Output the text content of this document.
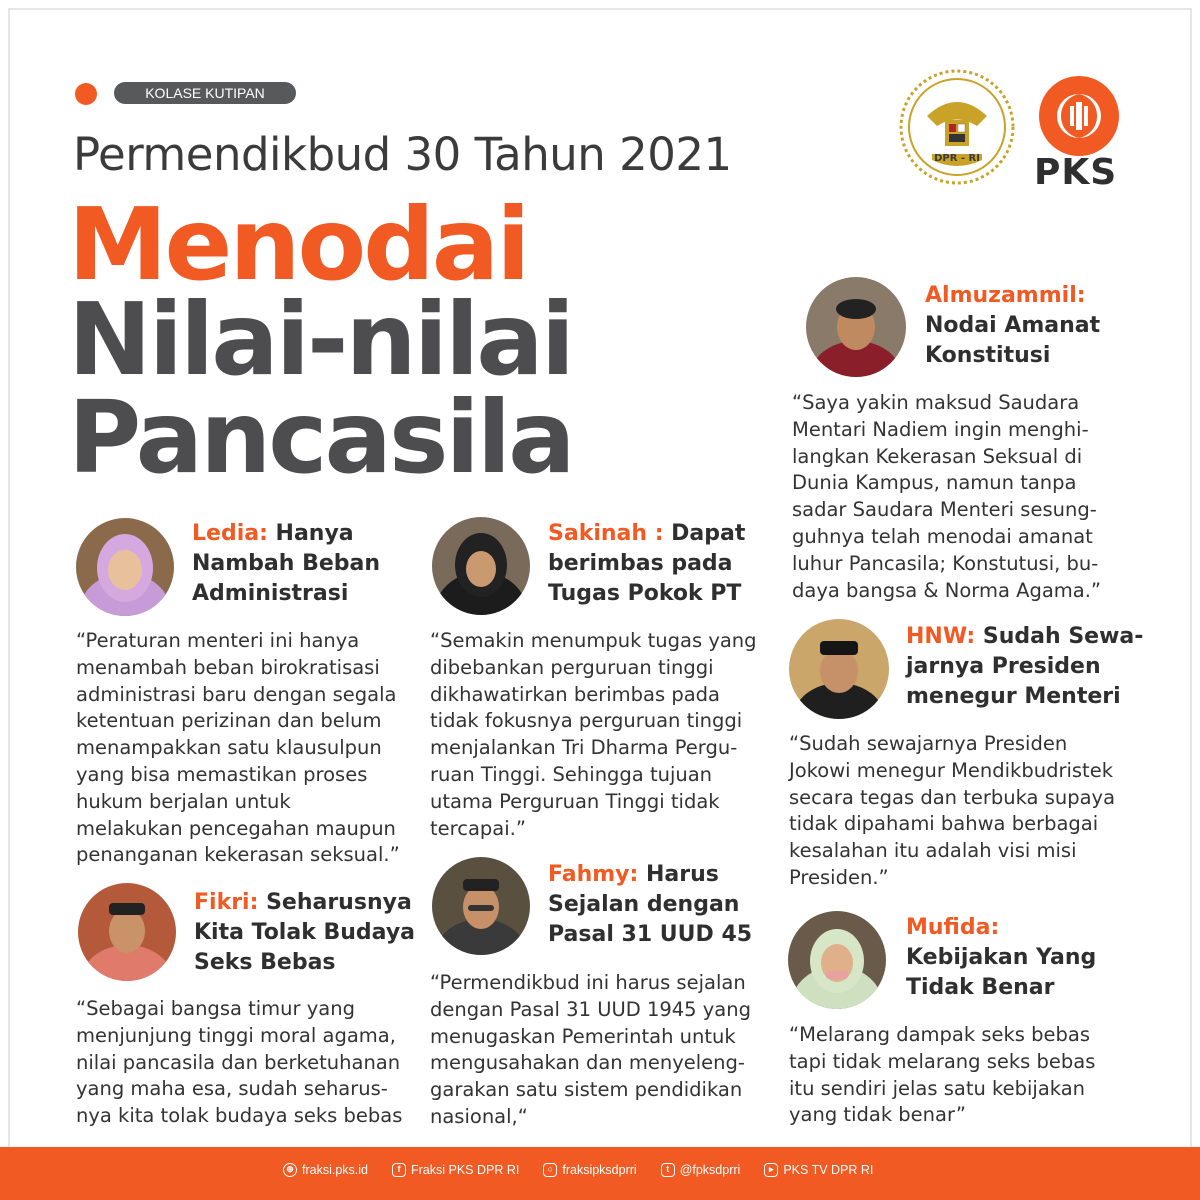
KOLASE KUTIPAN
Permendikbud 30 Tahun 2021
Menodai
Nilai-nilai
Pancasila
DPR - RI PKS
Ledia: Hanya
Nambah Beban
Administrasi
Fikri: Seharusnya
Kita Tolak Budaya
Seks Bebas
Sakinah : Dapat
berimbas pada
Tugas Pokok PT
Fahmy: Harus
Sejalan dengan
Pasal 31 UUD 45
Almuzammil:
Nodai Amanat
Konstitusi
HNW: Sudah Sewa-
jarnya Presiden
menegur Menteri
Mufida:
Kebijakan Yang
Tidak Benar
“Peraturan menteri ini hanya
menambah beban birokratisasi
administrasi baru dengan segala
ketentuan perizinan dan belum
menampakkan satu klausulpun
yang bisa memastikan proses
hukum berjalan untuk
melakukan pencegahan maupun
penanganan kekerasan seksual.”
“Sebagai bangsa timur yang
menjunjung tinggi moral agama,
nilai pancasila dan berketuhanan
yang maha esa, sudah seharus-
nya kita tolak budaya seks bebas
“Semakin menumpuk tugas yang
dibebankan perguruan tinggi
dikhawatirkan berimbas pada
tidak fokusnya perguruan tinggi
menjalankan Tri Dharma Pergu-
ruan Tinggi. Sehingga tujuan
utama Perguruan Tinggi tidak
tercapai.”
“Permendikbud ini harus sejalan
dengan Pasal 31 UUD 1945 yang
menugaskan Pemerintah untuk
mengusahakan dan menyeleng-
garakan satu sistem pendidikan
nasional,“
“Saya yakin maksud Saudara
Mentari Nadiem ingin menghi-
langkan Kekerasan Seksual di
Dunia Kampus, namun tanpa
sadar Saudara Menteri sesung-
guhnya telah menodai amanat
luhur Pancasila; Konstutusi, bu-
daya bangsa & Norma Agama.”
“Sudah sewajarnya Presiden
Jokowi menegur Mendikbudristek
secara tegas dan terbuka supaya
tidak dipahami bahwa berbagai
kesalahan itu adalah visi misi
Presiden.”
“Melarang dampak seks bebas
tapi tidak melarang seks bebas
itu sendiri jelas satu kebijakan
yang tidak benar”
⊕ fraksi.pks.id	f Fraksi PKS DPR RI	○ fraksipksdprri	t @fpksdprri	▸ PKS TV DPR RI
